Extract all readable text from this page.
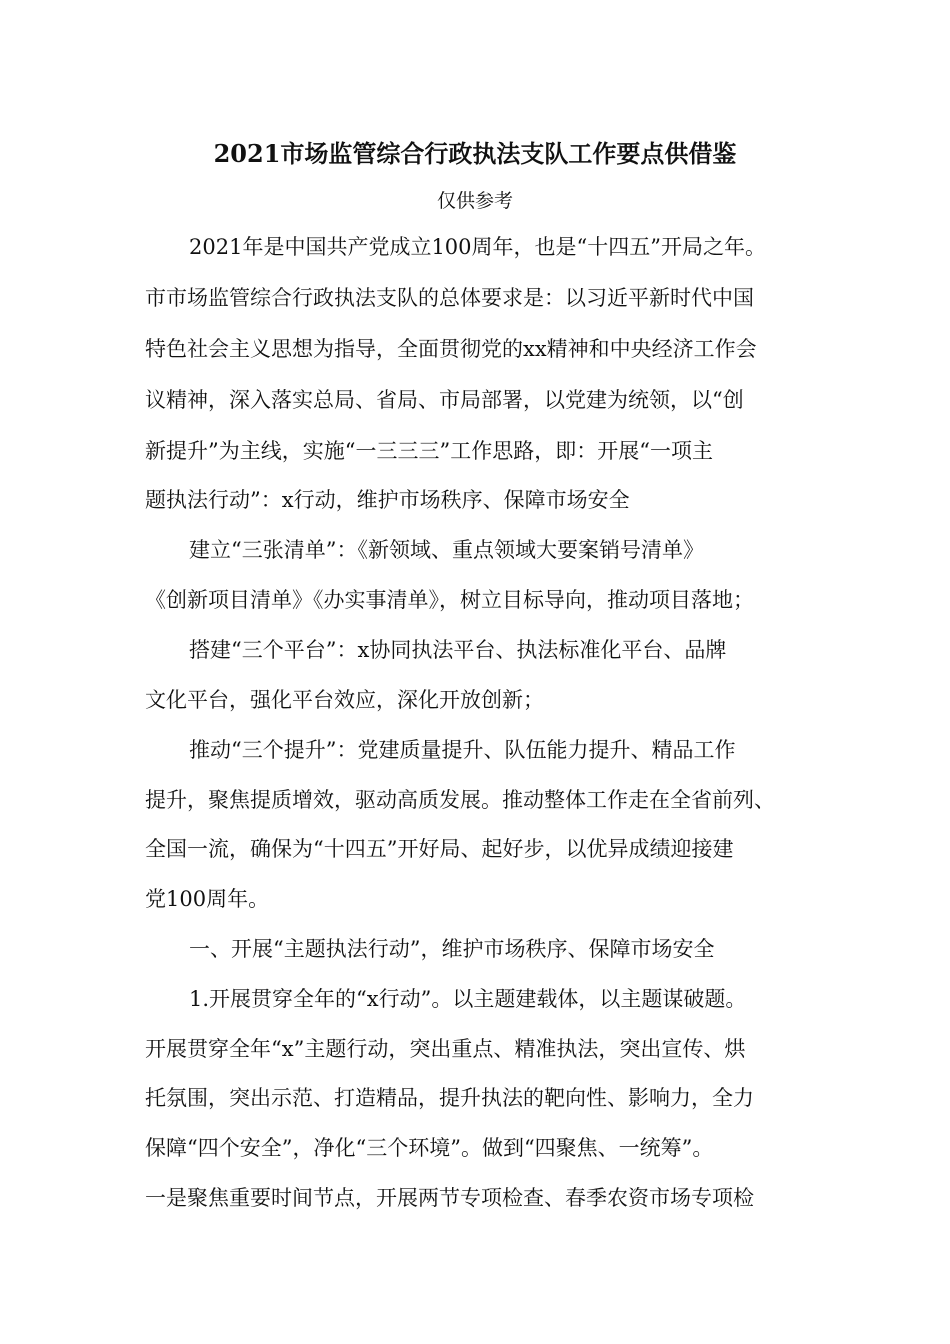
2021市场监管综合行政执法支队工作要点供借鉴
仅供参考
2021年是中国共产党成立100周年，也是“十四五”开局之年。
市市场监管综合行政执法支队的总体要求是：以习近平新时代中国
特色社会主义思想为指导，全面贯彻党的xx精神和中央经济工作会
议精神，深入落实总局、省局、市局部署，以党建为统领，以“创
新提升”为主线，实施“一三三三”工作思路，即：开展“一项主
题执法行动”：x行动，维护市场秩序、保障市场安全
建立“三张清单”：《新领域、重点领域大要案销号清单》
《创新项目清单》《办实事清单》，树立目标导向，推动项目落地；
搭建“三个平台”：x协同执法平台、执法标准化平台、品牌
文化平台，强化平台效应，深化开放创新；
推动“三个提升”：党建质量提升、队伍能力提升、精品工作
提升，聚焦提质增效，驱动高质发展。推动整体工作走在全省前列、
全国一流，确保为“十四五”开好局、起好步，以优异成绩迎接建
党100周年。
一、开展“主题执法行动”，维护市场秩序、保障市场安全
1.开展贯穿全年的“x行动”。以主题建载体，以主题谋破题。
开展贯穿全年“x”主题行动，突出重点、精准执法，突出宣传、烘
托氛围，突出示范、打造精品，提升执法的靶向性、影响力，全力
保障“四个安全”，净化“三个环境”。做到“四聚焦、一统筹”。
一是聚焦重要时间节点，开展两节专项检查、春季农资市场专项检
